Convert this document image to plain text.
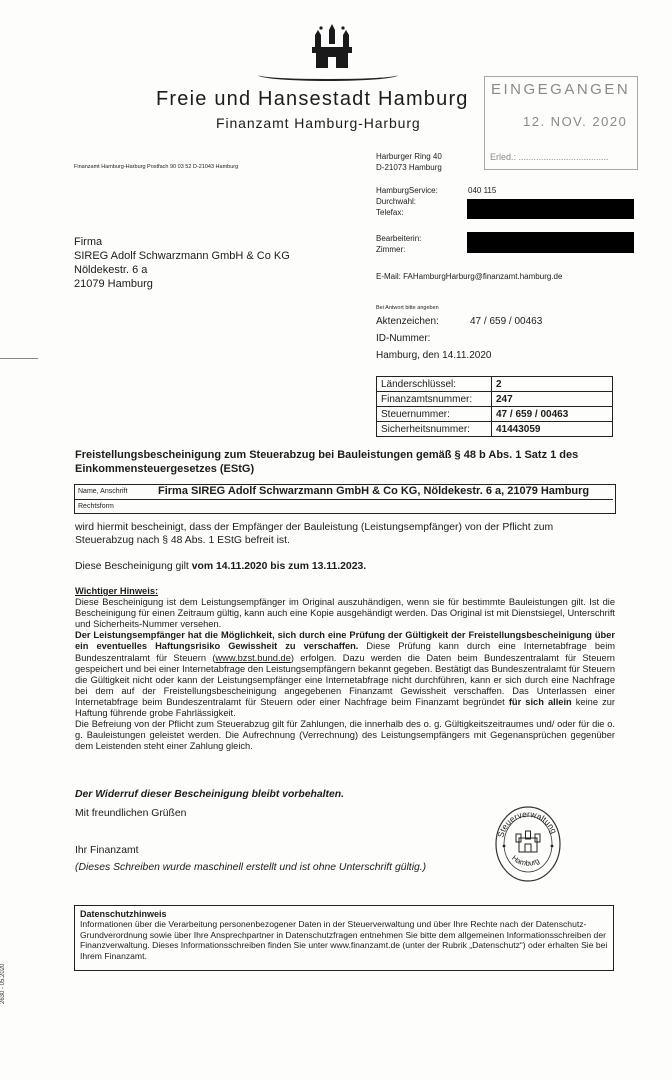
Freie und Hansestadt Hamburg
Finanzamt Hamburg-Harburg
EINGEGANGEN
12. NOV. 2020
Erled.: ....................................
Finanzamt Hamburg-Harburg Postfach 90 03 52 D-21043 Hamburg
Harburger Ring 40
D-21073 Hamburg
HamburgService:	040 115
Durchwahl:
Telefax:
Bearbeiterin:
Zimmer:
E-Mail: FAHamburgHarburg@finanzamt.hamburg.de
Bei Antwort bitte angeben
Aktenzeichen:	47 / 659 / 00463
ID-Nummer:
Hamburg, den 14.11.2020
Firma
SIREG Adolf Schwarzmann GmbH & Co KG
Nöldekestr. 6 a
21079 Hamburg
Länderschlüssel:	2
Finanzamtsnummer:	247
Steuernummer:	47 / 659 / 00463
Sicherheitsnummer:	41443059
Freistellungsbescheinigung zum Steuerabzug bei Bauleistungen gemäß § 48 b Abs. 1 Satz 1 des Einkommensteuergesetzes (EStG)
Name, Anschrift	Firma SIREG Adolf Schwarzmann GmbH & Co KG, Nöldekestr. 6 a, 21079 Hamburg
Rechtsform
wird hiermit bescheinigt, dass der Empfänger der Bauleistung (Leistungsempfänger) von der Pflicht zum Steuerabzug nach § 48 Abs. 1 EStG befreit ist.
Diese Bescheinigung gilt vom 14.11.2020 bis zum 13.11.2023.
Wichtiger Hinweis:
Diese Bescheinigung ist dem Leistungsempfänger im Original auszuhändigen, wenn sie für bestimmte Bauleistungen gilt. Ist die Bescheinigung für einen Zeitraum gültig, kann auch eine Kopie ausgehändigt werden. Das Original ist mit Dienstsiegel, Unterschrift und Sicherheits-Nummer versehen.
Der Leistungsempfänger hat die Möglichkeit, sich durch eine Prüfung der Gültigkeit der Freistellungsbescheinigung über ein eventuelles Haftungsrisiko Gewissheit zu verschaffen. Diese Prüfung kann durch eine Internetabfrage beim Bundeszentralamt für Steuern (www.bzst.bund.de) erfolgen. Dazu werden die Daten beim Bundeszentralamt für Steuern gespeichert und bei einer Internetabfrage den Leistungsempfängern bekannt gegeben. Bestätigt das Bundeszentralamt für Steuern die Gültigkeit nicht oder kann der Leistungsempfänger eine Internetabfrage nicht durchführen, kann er sich durch eine Nachfrage bei dem auf der Freistellungsbescheinigung angegebenen Finanzamt Gewissheit verschaffen. Das Unterlassen einer Internetabfrage beim Bundeszentralamt für Steuern oder einer Nachfrage beim Finanzamt begründet für sich allein keine zur Haftung führende grobe Fahrlässigkeit.
Die Befreiung von der Pflicht zum Steuerabzug gilt für Zahlungen, die innerhalb des o. g. Gültigkeitszeitraumes und/ oder für die o. g. Bauleistungen geleistet werden. Die Aufrechnung (Verrechnung) des Leistungsempfängers mit Gegenansprüchen gegenüber dem Leistenden steht einer Zahlung gleich.
Der Widerruf dieser Bescheinigung bleibt vorbehalten.
Mit freundlichen Grüßen
Ihr Finanzamt
(Dieses Schreiben wurde maschinell erstellt und ist ohne Unterschrift gültig.)
Steuerverwaltung
Hamburg
Datenschutzhinweis
Informationen über die Verarbeitung personenbezogener Daten in der Steuerverwaltung und über Ihre Rechte nach der Datenschutz-Grundverordnung sowie über Ihre Ansprechpartner in Datenschutzfragen entnehmen Sie bitte dem allgemeinen Informationsschreiben der Finanzverwaltung. Dieses Informationsschreiben finden Sie unter www.finanzamt.de (unter der Rubrik „Datenschutz“) oder erhalten Sie bei Ihrem Finanzamt.
2630 - 05.2020
